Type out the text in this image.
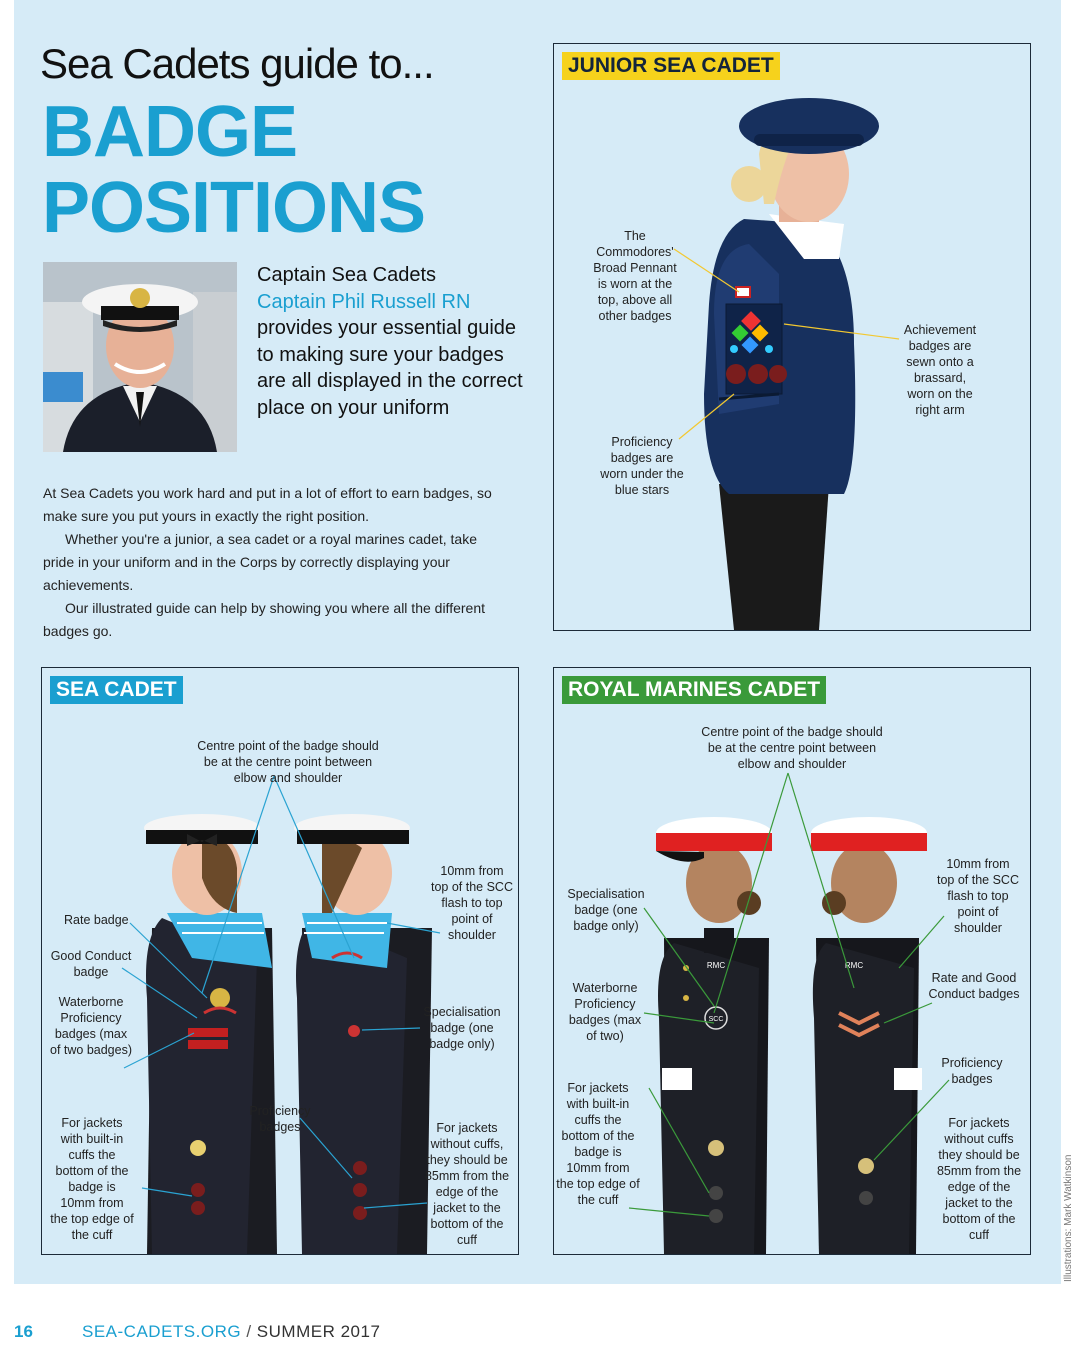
Sea Cadets guide to...
BADGE
POSITIONS
Captain Sea Cadets
Captain Phil Russell RN
provides your essential guide to making sure your badges are all displayed in the correct place on your uniform

At Sea Cadets you work hard and put in a lot of effort to earn badges, so make sure you put yours in exactly the right position.

Whether you're a junior, a sea cadet or a royal marines cadet, take pride in your uniform and in the Corps by correctly displaying your achievements.

Our illustrated guide can help by showing you where all the different badges go.

JUNIOR SEA CADET
The Commodores' Broad Pennant is worn at the top, above all other badges
Achievement badges are sewn onto a brassard, worn on the right arm
Proficiency badges are worn under the blue stars
SEA CADET
Centre point of the badge should be at the centre point between elbow and shoulder
Rate badge
Good Conduct badge
Waterborne Proficiency badges (max of two badges)
For jackets with built-in cuffs the bottom of the badge is 10mm from the top edge of the cuff
Proficiency badges
10mm from top of the SCC flash to top point of shoulder
Specialisation badge (one badge only)
For jackets without cuffs, they should be 85mm from the edge of the jacket to the bottom of the cuff
RMC
SCC
RMC
ROYAL MARINES CADET
Centre point of the badge should be at the centre point between elbow and shoulder
Specialisation badge (one badge only)
Waterborne Proficiency badges (max of two)
For jackets with built-in cuffs the bottom of the badge is 10mm from the top edge of the cuff
10mm from top of the SCC flash to top point of shoulder
Rate and Good Conduct badges
Proficiency badges
For jackets without cuffs they should be 85mm from the edge of the jacket to the bottom of the cuff
16	SEA-CADETS.ORG / SUMMER 2017
Illustrations: Mark Watkinson
